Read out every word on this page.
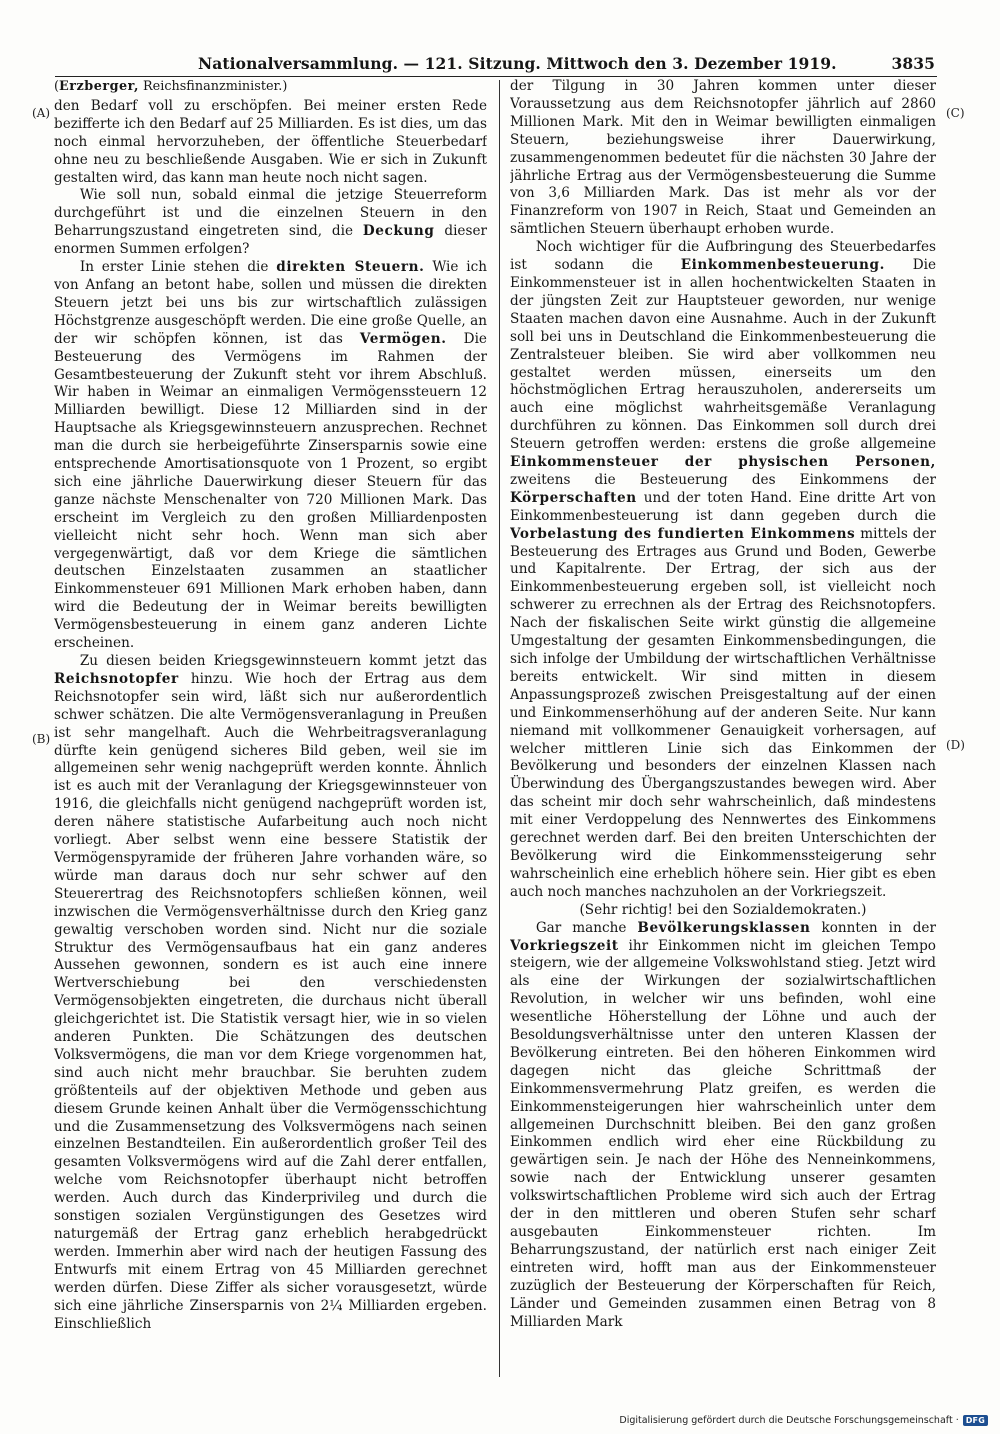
Nationalversammlung. — 121. Sitzung. Mittwoch den 3. Dezember 1919.	3835
(A)
(B)
(C)
(D)
(Erzberger, Reichsfinanzminister.)

den Bedarf voll zu erschöpfen. Bei meiner ersten Rede bezifferte ich den Bedarf auf 25 Milliarden. Es ist dies, um das noch einmal hervorzuheben, der öffentliche Steuerbedarf ohne neu zu beschließende Ausgaben. Wie er sich in Zukunft gestalten wird, das kann man heute noch nicht sagen.

Wie soll nun, sobald einmal die jetzige Steuerreform durchgeführt ist und die einzelnen Steuern in den Beharrungszustand eingetreten sind, die Deckung dieser enormen Summen erfolgen?

In erster Linie stehen die direkten Steuern. Wie ich von Anfang an betont habe, sollen und müssen die direkten Steuern jetzt bei uns bis zur wirtschaftlich zulässigen Höchstgrenze ausgeschöpft werden. Die eine große Quelle, an der wir schöpfen können, ist das Vermögen. Die Besteuerung des Vermögens im Rahmen der Gesamtbesteuerung der Zukunft steht vor ihrem Abschluß. Wir haben in Weimar an einmaligen Vermögenssteuern 12 Milliarden bewilligt. Diese 12 Milliarden sind in der Hauptsache als Kriegsgewinnsteuern anzusprechen. Rechnet man die durch sie herbeigeführte Zinsersparnis sowie eine entsprechende Amortisationsquote von 1 Prozent, so ergibt sich eine jährliche Dauerwirkung dieser Steuern für das ganze nächste Menschenalter von 720 Millionen Mark. Das erscheint im Vergleich zu den großen Milliardenposten vielleicht nicht sehr hoch. Wenn man sich aber vergegenwärtigt, daß vor dem Kriege die sämtlichen deutschen Einzelstaaten zusammen an staatlicher Einkommensteuer 691 Millionen Mark erhoben haben, dann wird die Bedeutung der in Weimar bereits bewilligten Vermögensbesteuerung in einem ganz anderen Lichte erscheinen.

Zu diesen beiden Kriegsgewinnsteuern kommt jetzt das Reichsnotopfer hinzu. Wie hoch der Ertrag aus dem Reichsnotopfer sein wird, läßt sich nur außerordentlich schwer schätzen. Die alte Vermögensveranlagung in Preußen ist sehr mangelhaft. Auch die Wehrbeitragsveranlagung dürfte kein genügend sicheres Bild geben, weil sie im allgemeinen sehr wenig nachgeprüft werden konnte. Ähnlich ist es auch mit der Veranlagung der Kriegsgewinnsteuer von 1916, die gleichfalls nicht genügend nachgeprüft worden ist, deren nähere statistische Aufarbeitung auch noch nicht vorliegt. Aber selbst wenn eine bessere Statistik der Vermögenspyramide der früheren Jahre vorhanden wäre, so würde man daraus doch nur sehr schwer auf den Steuerertrag des Reichsnotopfers schließen können, weil inzwischen die Vermögensverhältnisse durch den Krieg ganz gewaltig verschoben worden sind. Nicht nur die soziale Struktur des Vermögensaufbaus hat ein ganz anderes Aussehen gewonnen, sondern es ist auch eine innere Wertverschiebung bei den verschiedensten Vermögensobjekten eingetreten, die durchaus nicht überall gleichgerichtet ist. Die Statistik versagt hier, wie in so vielen anderen Punkten. Die Schätzungen des deutschen Volksvermögens, die man vor dem Kriege vorgenommen hat, sind auch nicht mehr brauchbar. Sie beruhten zudem größtenteils auf der objektiven Methode und geben aus diesem Grunde keinen Anhalt über die Vermögensschichtung und die Zusammensetzung des Volksvermögens nach seinen einzelnen Bestandteilen. Ein außerordentlich großer Teil des gesamten Volksvermögens wird auf die Zahl derer entfallen, welche vom Reichsnotopfer überhaupt nicht betroffen werden. Auch durch das Kinderprivileg und durch die sonstigen sozialen Vergünstigungen des Gesetzes wird naturgemäß der Ertrag ganz erheblich herabgedrückt werden. Immerhin aber wird nach der heutigen Fassung des Entwurfs mit einem Ertrag von 45 Milliarden gerechnet werden dürfen. Diese Ziffer als sicher vorausgesetzt, würde sich eine jährliche Zinsersparnis von 2¼ Milliarden ergeben. Einschließlich

der Tilgung in 30 Jahren kommen unter dieser Voraussetzung aus dem Reichsnotopfer jährlich auf 2860 Millionen Mark. Mit den in Weimar bewilligten einmaligen Steuern, beziehungsweise ihrer Dauerwirkung, zusammengenommen bedeutet für die nächsten 30 Jahre der jährliche Ertrag aus der Vermögensbesteuerung die Summe von 3,6 Milliarden Mark. Das ist mehr als vor der Finanzreform von 1907 in Reich, Staat und Gemeinden an sämtlichen Steuern überhaupt erhoben wurde.

Noch wichtiger für die Aufbringung des Steuerbedarfes ist sodann die Einkommenbesteuerung. Die Einkommensteuer ist in allen hochentwickelten Staaten in der jüngsten Zeit zur Hauptsteuer geworden, nur wenige Staaten machen davon eine Ausnahme. Auch in der Zukunft soll bei uns in Deutschland die Einkommenbesteuerung die Zentralsteuer bleiben. Sie wird aber vollkommen neu gestaltet werden müssen, einerseits um den höchstmöglichen Ertrag herauszuholen, andererseits um auch eine möglichst wahrheitsgemäße Veranlagung durchführen zu können. Das Einkommen soll durch drei Steuern getroffen werden: erstens die große allgemeine Einkommensteuer der physischen Personen, zweitens die Besteuerung des Einkommens der Körperschaften und der toten Hand. Eine dritte Art von Einkommenbesteuerung ist dann gegeben durch die Vorbelastung des fundierten Einkommens mittels der Besteuerung des Ertrages aus Grund und Boden, Gewerbe und Kapitalrente. Der Ertrag, der sich aus der Einkommenbesteuerung ergeben soll, ist vielleicht noch schwerer zu errechnen als der Ertrag des Reichsnotopfers. Nach der fiskalischen Seite wirkt günstig die allgemeine Umgestaltung der gesamten Einkommensbedingungen, die sich infolge der Umbildung der wirtschaftlichen Verhältnisse bereits entwickelt. Wir sind mitten in diesem Anpassungsprozeß zwischen Preisgestaltung auf der einen und Einkommenserhöhung auf der anderen Seite. Nur kann niemand mit vollkommener Genauigkeit vorhersagen, auf welcher mittleren Linie sich das Einkommen der Bevölkerung und besonders der einzelnen Klassen nach Überwindung des Übergangszustandes bewegen wird. Aber das scheint mir doch sehr wahrscheinlich, daß mindestens mit einer Verdoppelung des Nennwertes des Einkommens gerechnet werden darf. Bei den breiten Unterschichten der Bevölkerung wird die Einkommenssteigerung sehr wahrscheinlich eine erheblich höhere sein. Hier gibt es eben auch noch manches nachzuholen an der Vorkriegszeit.

(Sehr richtig! bei den Sozialdemokraten.)

Gar manche Bevölkerungsklassen konnten in der Vorkriegszeit ihr Einkommen nicht im gleichen Tempo steigern, wie der allgemeine Volkswohlstand stieg. Jetzt wird als eine der Wirkungen der sozialwirtschaftlichen Revolution, in welcher wir uns befinden, wohl eine wesentliche Höherstellung der Löhne und auch der Besoldungsverhältnisse unter den unteren Klassen der Bevölkerung eintreten. Bei den höheren Einkommen wird dagegen nicht das gleiche Schrittmaß der Einkommensvermehrung Platz greifen, es werden die Einkommensteigerungen hier wahrscheinlich unter dem allgemeinen Durchschnitt bleiben. Bei den ganz großen Einkommen endlich wird eher eine Rückbildung zu gewärtigen sein. Je nach der Höhe des Nenneinkommens, sowie nach der Entwicklung unserer gesamten volkswirtschaftlichen Probleme wird sich auch der Ertrag der in den mittleren und oberen Stufen sehr scharf ausgebauten Einkommensteuer richten. Im Beharrungszustand, der natürlich erst nach einiger Zeit eintreten wird, hofft man aus der Einkommensteuer zuzüglich der Besteuerung der Körperschaften für Reich, Länder und Gemeinden zusammen einen Betrag von 8 Milliarden Mark

Digitalisierung gefördert durch die Deutsche Forschungsgemeinschaft · DFG
